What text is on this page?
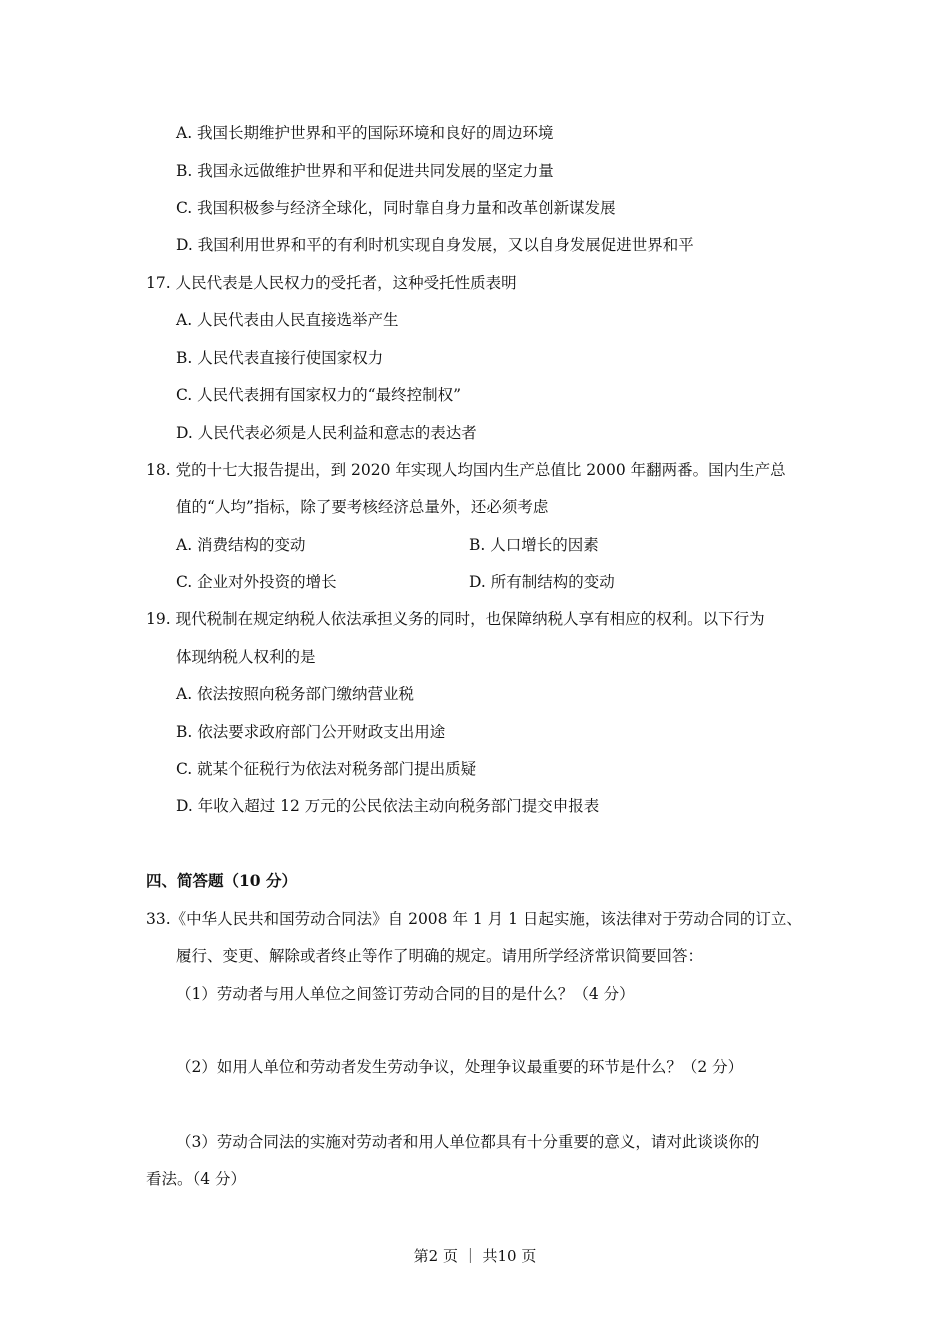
A. 我国长期维护世界和平的国际环境和良好的周边环境
B. 我国永远做维护世界和平和促进共同发展的坚定力量
C. 我国积极参与经济全球化，同时靠自身力量和改革创新谋发展
D. 我国利用世界和平的有利时机实现自身发展，又以自身发展促进世界和平
17. 人民代表是人民权力的受托者，这种受托性质表明
A. 人民代表由人民直接选举产生
B. 人民代表直接行使国家权力
C. 人民代表拥有国家权力的“最终控制权”
D. 人民代表必须是人民利益和意志的表达者
18. 党的十七大报告提出，到 2020 年实现人均国内生产总值比 2000 年翻两番。国内生产总
值的“人均”指标，除了要考核经济总量外，还必须考虑
A. 消费结构的变动	B. 人口增长的因素
C. 企业对外投资的增长	D. 所有制结构的变动
19. 现代税制在规定纳税人依法承担义务的同时，也保障纳税人享有相应的权利。以下行为
体现纳税人权利的是
A. 依法按照向税务部门缴纳营业税
B. 依法要求政府部门公开财政支出用途
C. 就某个征税行为依法对税务部门提出质疑
D. 年收入超过 12 万元的公民依法主动向税务部门提交申报表
四、简答题（10 分）
33.《中华人民共和国劳动合同法》自 2008 年 1 月 1 日起实施，该法律对于劳动合同的订立、
履行、变更、解除或者终止等作了明确的规定。请用所学经济常识简要回答：
（1）劳动者与用人单位之间签订劳动合同的目的是什么？（4 分）
（2）如用人单位和劳动者发生劳动争议，处理争议最重要的环节是什么？（2 分）
（3）劳动合同法的实施对劳动者和用人单位都具有十分重要的意义，请对此谈谈你的
看法。（4 分）
第2 页 ｜ 共10 页
